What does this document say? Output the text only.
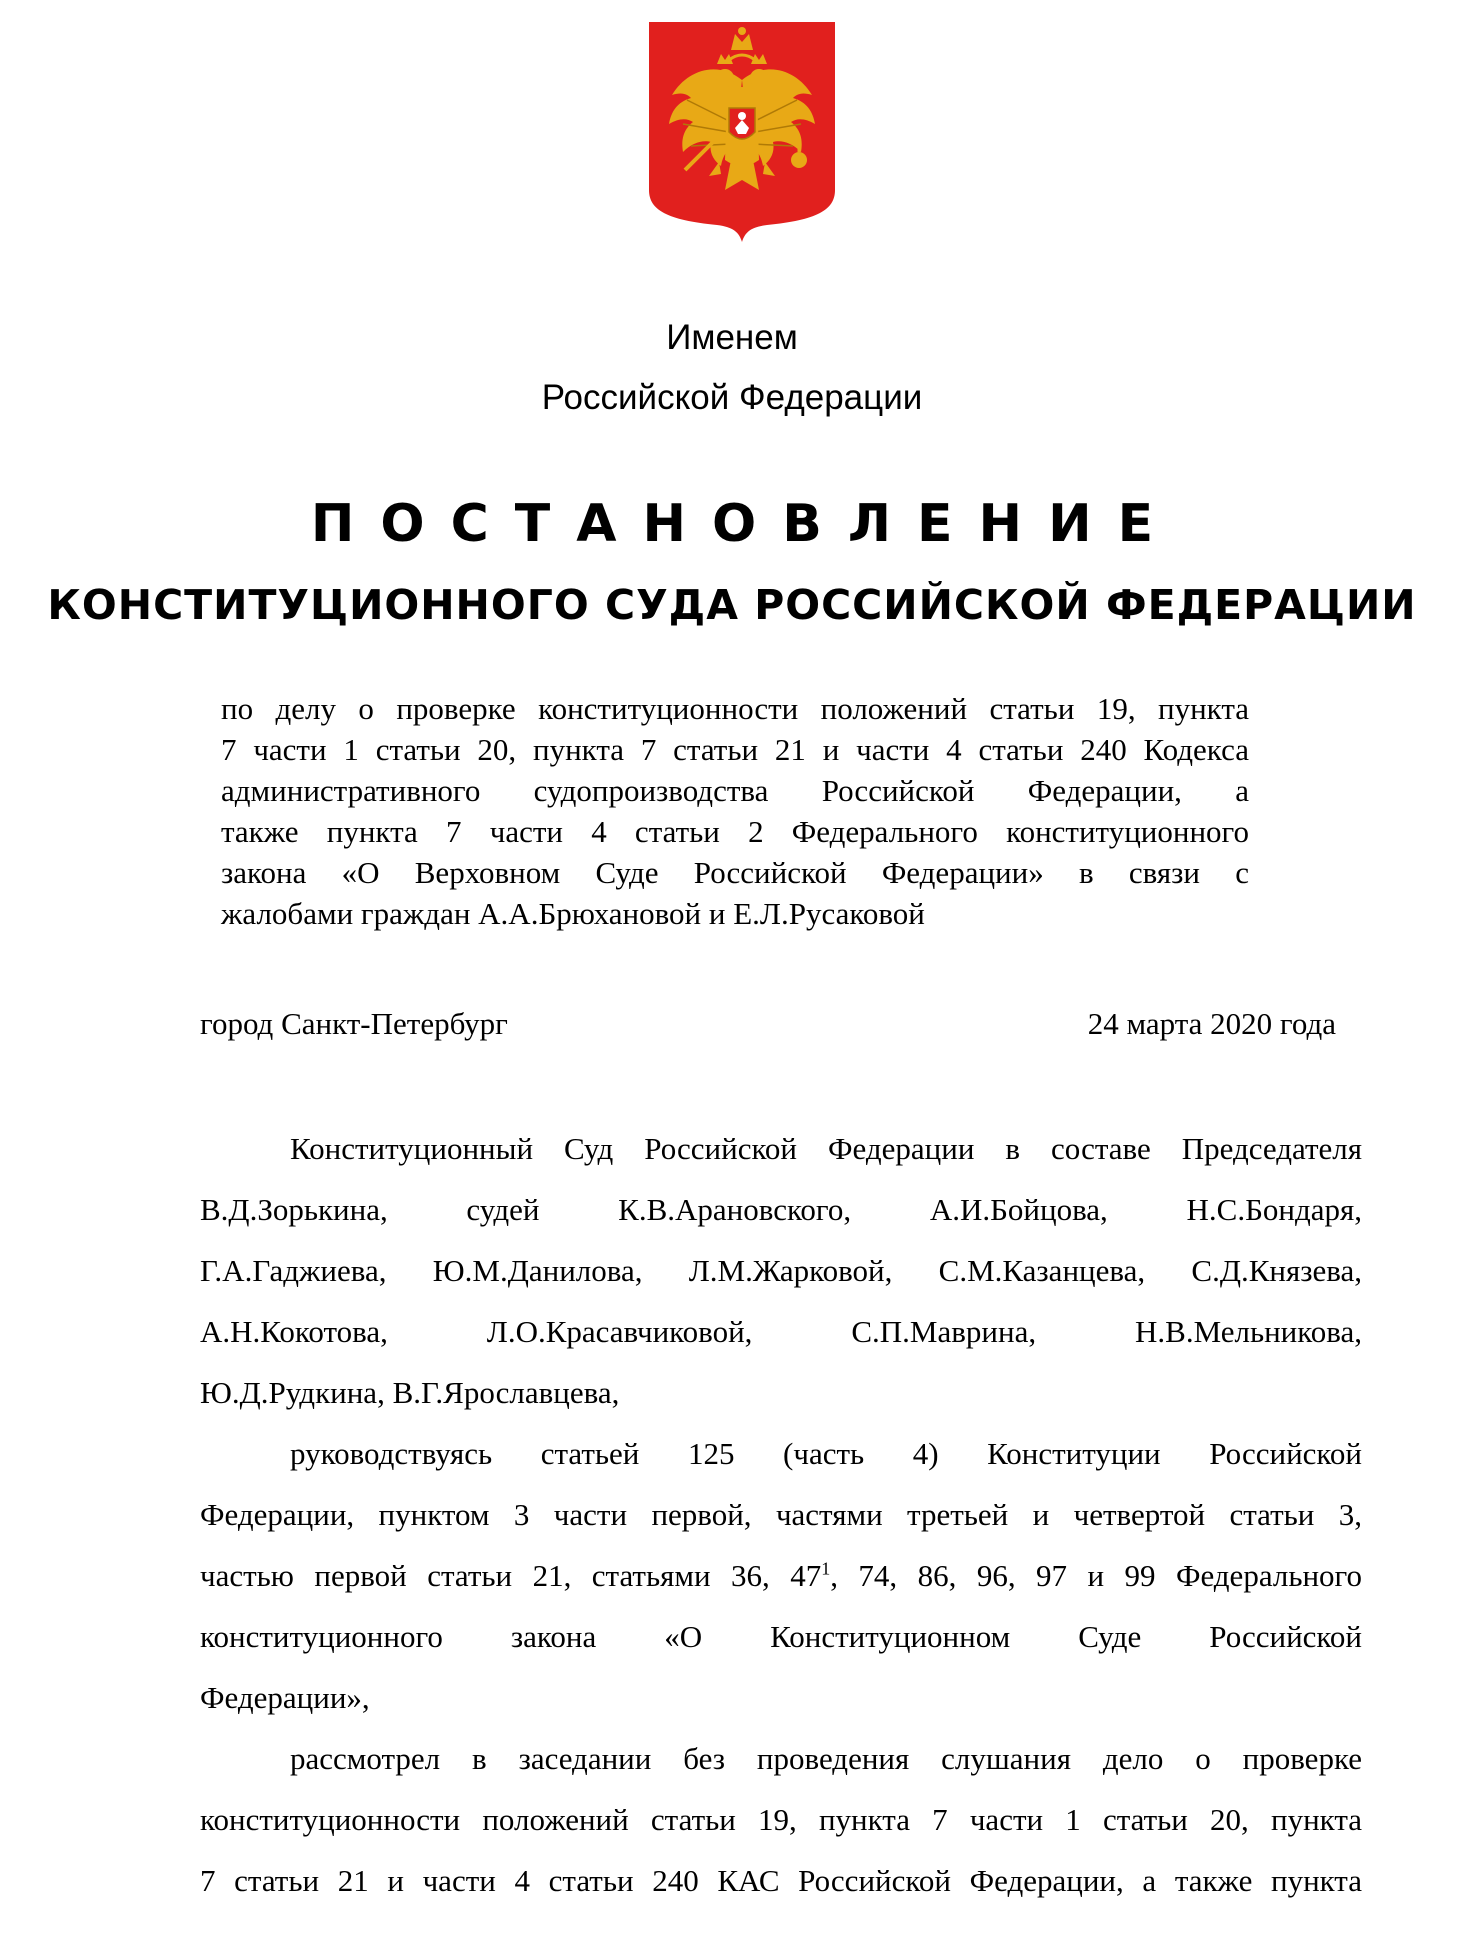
Именем
Российской Федерации
ПОСТАНОВЛЕНИЕ
КОНСТИТУЦИОННОГО СУДА РОССИЙСКОЙ ФЕДЕРАЦИИ
по делу о проверке конституционности положений статьи 19, пункта
7 части 1 статьи 20, пункта 7 статьи 21 и части 4 статьи 240 Кодекса
административного судопроизводства Российской Федерации, а
также пункта 7 части 4 статьи 2 Федерального конституционного
закона «О Верховном Суде Российской Федерации» в связи с
жалобами граждан А.А.Брюхановой и Е.Л.Русаковой
город Санкт-Петербург	24 марта 2020 года
Конституционный Суд Российской Федерации в составе Председателя
В.Д.Зорькина, судей К.В.Арановского, А.И.Бойцова, Н.С.Бондаря,
Г.А.Гаджиева, Ю.М.Данилова, Л.М.Жарковой, С.М.Казанцева, С.Д.Князева,
А.Н.Кокотова, Л.О.Красавчиковой, С.П.Маврина, Н.В.Мельникова,
Ю.Д.Рудкина, В.Г.Ярославцева,
руководствуясь статьей 125 (часть 4) Конституции Российской
Федерации, пунктом 3 части первой, частями третьей и четвертой статьи 3,
частью первой статьи 21, статьями 36, $47^1$, 74, 86, 96, 97 и 99 Федерального
конституционного закона «О Конституционном Суде Российской
Федерации»,
рассмотрел в заседании без проведения слушания дело о проверке
конституционности положений статьи 19, пункта 7 части 1 статьи 20, пункта
7 статьи 21 и части 4 статьи 240 КАС Российской Федерации, а также пункта
